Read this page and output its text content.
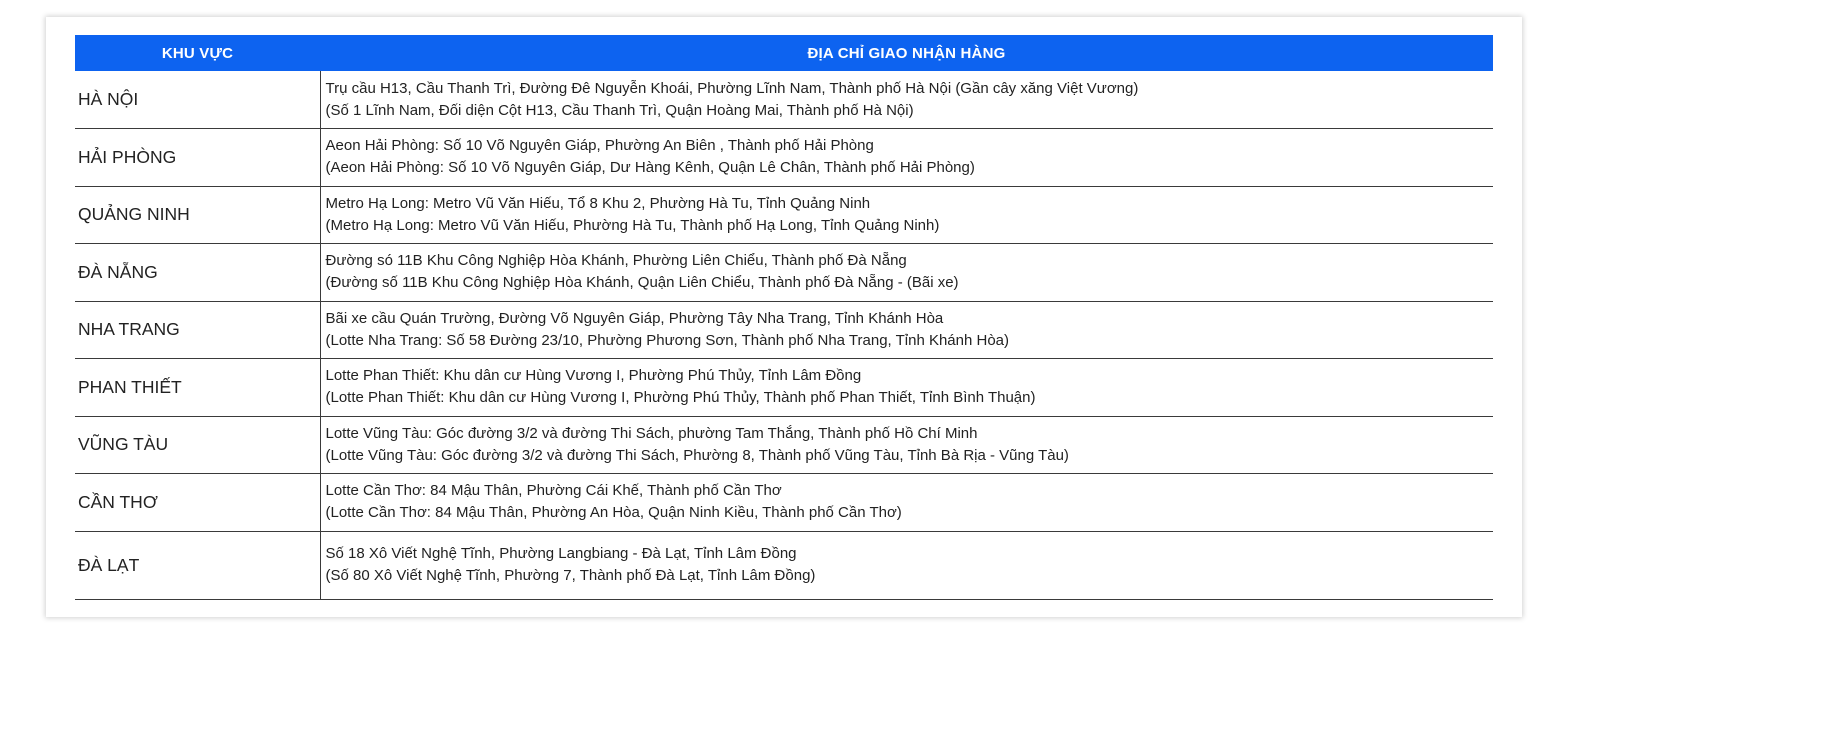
KHU VỰC	ĐỊA CHỈ GIAO NHẬN HÀNG
HÀ NỘI	Trụ cầu H13, Cầu Thanh Trì, Đường Đê Nguyễn Khoái, Phường Lĩnh Nam, Thành phố Hà Nội (Gần cây xăng Việt Vương)
(Số 1 Lĩnh Nam, Đối diện Cột H13, Cầu Thanh Trì, Quận Hoàng Mai, Thành phố Hà Nội)

HẢI PHÒNG	Aeon Hải Phòng: Số 10 Võ Nguyên Giáp, Phường An Biên , Thành phố Hải Phòng
(Aeon Hải Phòng: Số 10 Võ Nguyên Giáp, Dư Hàng Kênh, Quận Lê Chân, Thành phố Hải Phòng)

QUẢNG NINH	Metro Hạ Long: Metro Vũ Văn Hiếu, Tổ 8 Khu 2, Phường Hà Tu, Tỉnh Quảng Ninh
(Metro Hạ Long: Metro Vũ Văn Hiếu, Phường Hà Tu, Thành phố Hạ Long, Tỉnh Quảng Ninh)

ĐÀ NẴNG	Đường só 11B Khu Công Nghiệp Hòa Khánh, Phường Liên Chiểu, Thành phố Đà Nẵng
(Đường số 11B Khu Công Nghiệp Hòa Khánh, Quận Liên Chiểu, Thành phố Đà Nẵng - (Bãi xe)

NHA TRANG	Bãi xe cầu Quán Trường, Đường Võ Nguyên Giáp, Phường Tây Nha Trang, Tỉnh Khánh Hòa
(Lotte Nha Trang: Số 58 Đường 23/10, Phường Phương Sơn, Thành phố Nha Trang, Tỉnh Khánh Hòa)

PHAN THIẾT	Lotte Phan Thiết: Khu dân cư Hùng Vương I, Phường Phú Thủy, Tỉnh Lâm Đồng
(Lotte Phan Thiết: Khu dân cư Hùng Vương I, Phường Phú Thủy, Thành phố Phan Thiết, Tỉnh Bình Thuận)

VŨNG TÀU	Lotte Vũng Tàu: Góc đường 3/2 và đường Thi Sách, phường Tam Thắng, Thành phố Hồ Chí Minh
(Lotte Vũng Tàu: Góc đường 3/2 và đường Thi Sách, Phường 8, Thành phố Vũng Tàu, Tỉnh Bà Rịa - Vũng Tàu)

CẦN THƠ	Lotte Cần Thơ: 84 Mậu Thân, Phường Cái Khế, Thành phố Cần Thơ
(Lotte Cần Thơ: 84 Mậu Thân, Phường An Hòa, Quận Ninh Kiều, Thành phố Cần Thơ)

ĐÀ LẠT	Số 18 Xô Viết Nghệ Tĩnh, Phường Langbiang - Đà Lạt, Tỉnh Lâm Đồng
(Số 80 Xô Viết Nghệ Tĩnh, Phường 7, Thành phố Đà Lạt, Tỉnh Lâm Đồng)
